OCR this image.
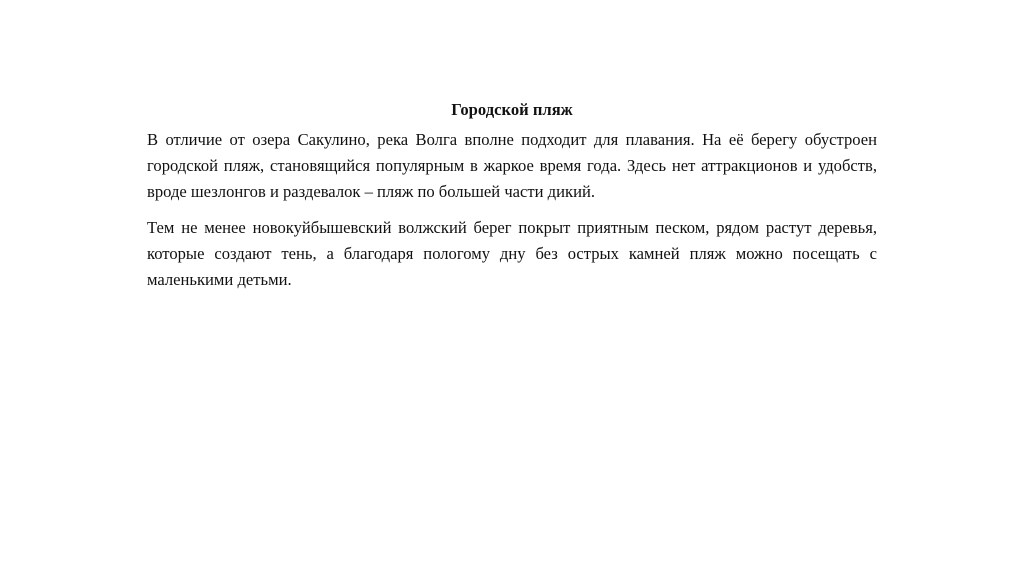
Городской пляж

В отличие от озера Сакулино, река Волга вполне подходит для плавания. На её берегу обустроен городской пляж, становящийся популярным в жаркое время года. Здесь нет аттракционов и удобств, вроде шезлонгов и раздевалок – пляж по большей части дикий.

Тем не менее новокуйбышевский волжский берег покрыт приятным песком, рядом растут деревья, которые создают тень, а благодаря пологому дну без острых камней пляж можно посещать с маленькими детьми.
